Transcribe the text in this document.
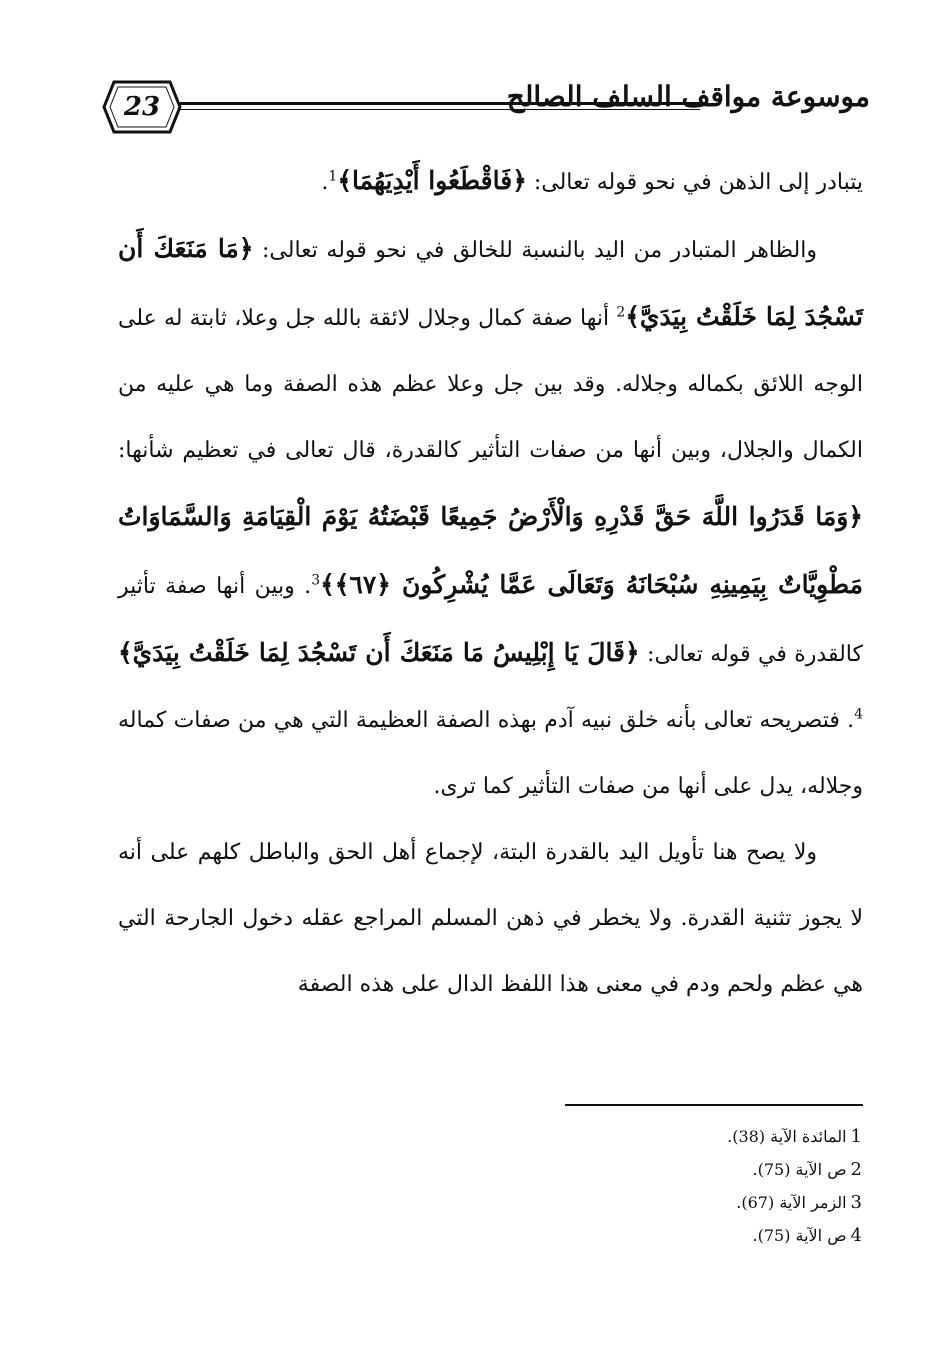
23	موسوعة مواقف السلف الصالح

يتبادر إلى الذهن في نحو قوله تعالى: ﴿فَاقْطَعُوا أَيْدِيَهُمَا﴾$^1$.

والظاهر المتبادر من اليد بالنسبة للخالق في نحو قوله تعالى: ﴿مَا مَنَعَكَ أَن تَسْجُدَ لِمَا خَلَقْتُ بِيَدَيَّ﴾$^2$ أنها صفة كمال وجلال لائقة بالله جل وعلا، ثابتة له على الوجه اللائق بكماله وجلاله. وقد بين جل وعلا عظم هذه الصفة وما هي عليه من الكمال والجلال، وبين أنها من صفات التأثير كالقدرة، قال تعالى في تعظيم شأنها: ﴿وَمَا قَدَرُوا اللَّهَ حَقَّ قَدْرِهِ وَالْأَرْضُ جَمِيعًا قَبْضَتُهُ يَوْمَ الْقِيَامَةِ وَالسَّمَاوَاتُ مَطْوِيَّاتٌ بِيَمِينِهِ سُبْحَانَهُ وَتَعَالَى عَمَّا يُشْرِكُونَ ﴿٦٧﴾﴾$^3$. وبين أنها صفة تأثير كالقدرة في قوله تعالى: ﴿قَالَ يَا إِبْلِيسُ مَا مَنَعَكَ أَن تَسْجُدَ لِمَا خَلَقْتُ بِيَدَيَّ﴾$^4$. فتصريحه تعالى بأنه خلق نبيه آدم بهذه الصفة العظيمة التي هي من صفات كماله وجلاله، يدل على أنها من صفات التأثير كما ترى.

ولا يصح هنا تأويل اليد بالقدرة البتة، لإجماع أهل الحق والباطل كلهم على أنه لا يجوز تثنية القدرة. ولا يخطر في ذهن المسلم المراجع عقله دخول الجارحة التي هي عظم ولحم ودم في معنى هذا اللفظ الدال على هذه الصفة

1المائدة الآية (38).
2ص الآية (75).
3الزمر الآية (67).
4ص الآية (75).
